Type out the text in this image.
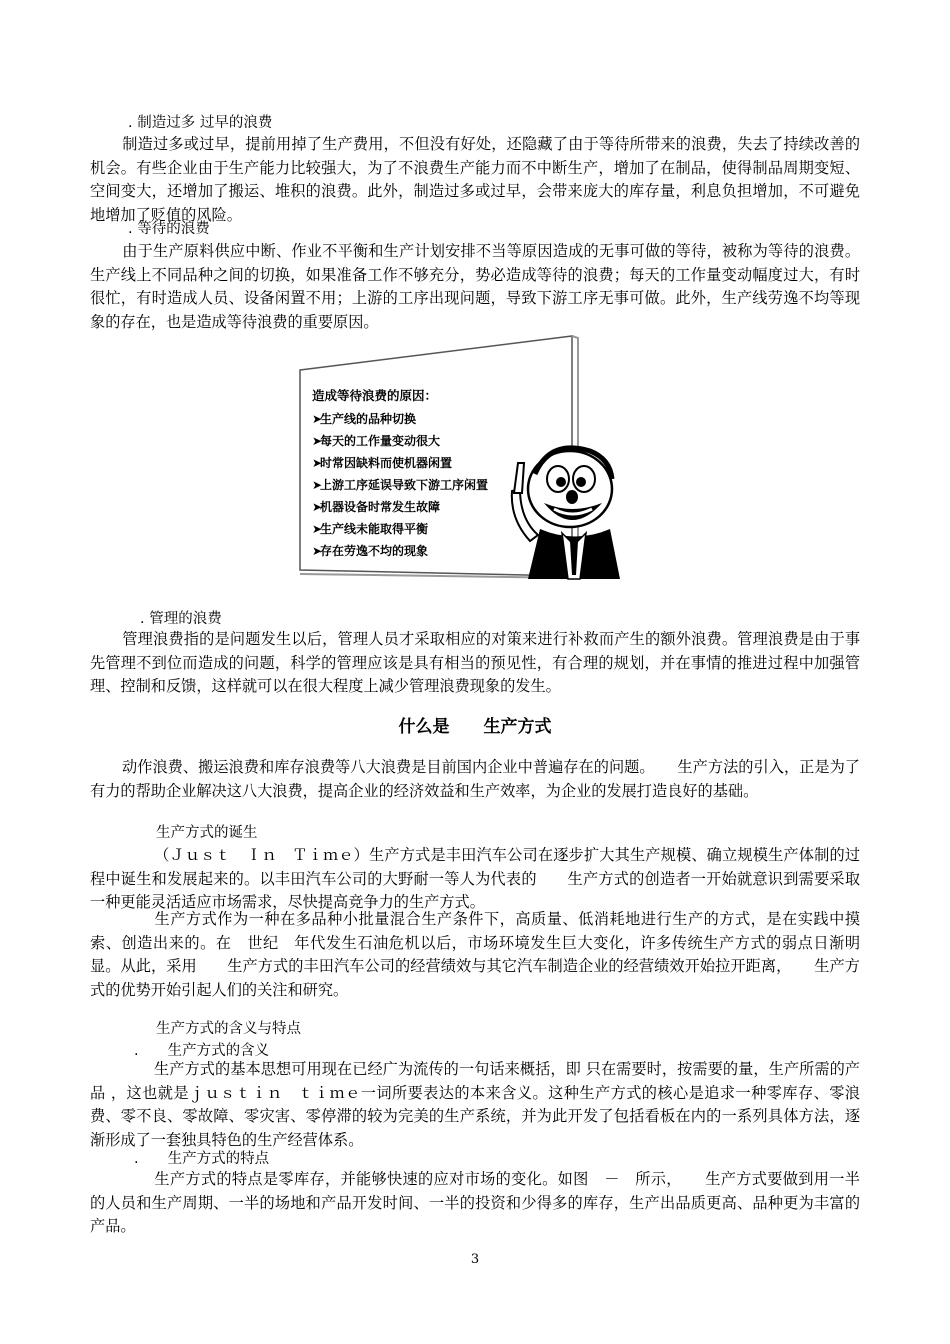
. 制造过多 过早的浪费

制造过多或过早，提前用掉了生产费用，不但没有好处，还隐藏了由于等待所带来的浪费，失去了持续改善的机会。有些企业由于生产能力比较强大，为了不浪费生产能力而不中断生产，增加了在制品，使得制品周期变短、空间变大，还增加了搬运、堆积的浪费。此外，制造过多或过早，会带来庞大的库存量，利息负担增加，不可避免地增加了贬值的风险。

. 等待的浪费

由于生产原料供应中断、作业不平衡和生产计划安排不当等原因造成的无事可做的等待，被称为等待的浪费。生产线上不同品种之间的切换，如果准备工作不够充分，势必造成等待的浪费；每天的工作量变动幅度过大，有时很忙，有时造成人员、设备闲置不用；上游的工序出现问题，导致下游工序无事可做。此外，生产线劳逸不均等现象的存在，也是造成等待浪费的重要原因。

造成等待浪费的原因：
➤生产线的品种切换
➤每天的工作量变动很大
➤时常因缺料而使机器闲置
➤上游工序延误导致下游工序闲置
➤机器设备时常发生故障
➤生产线未能取得平衡
➤存在劳逸不均的现象
. 管理的浪费

管理浪费指的是问题发生以后，管理人员才采取相应的对策来进行补救而产生的额外浪费。管理浪费是由于事先管理不到位而造成的问题，科学的管理应该是具有相当的预见性，有合理的规划，并在事情的推进过程中加强管理、控制和反馈，这样就可以在很大程度上减少管理浪费现象的发生。

什么是　　生产方式

动作浪费、搬运浪费和库存浪费等八大浪费是目前国内企业中普遍存在的问题。　　生产方法的引入，正是为了有力的帮助企业解决这八大浪费，提高企业的经济效益和生产效率，为企业的发展打造良好的基础。

生产方式的诞生

（Ｊｕｓｔ　Ｉｎ　Ｔｉｍｅ）生产方式是丰田汽车公司在逐步扩大其生产规模、确立规模生产体制的过程中诞生和发展起来的。以丰田汽车公司的大野耐一等人为代表的　　生产方式的创造者一开始就意识到需要采取一种更能灵活适应市场需求，尽快提高竞争力的生产方式。

生产方式作为一种在多品种小批量混合生产条件下，高质量、低消耗地进行生产的方式，是在实践中摸索、创造出来的。在　世纪　年代发生石油危机以后，市场环境发生巨大变化，许多传统生产方式的弱点日渐明显。从此，采用　　生产方式的丰田汽车公司的经营绩效与其它汽车制造企业的经营绩效开始拉开距离，　　生产方式的优势开始引起人们的关注和研究。

生产方式的含义与特点
.　　生产方式的含义

生产方式的基本思想可用现在已经广为流传的一句话来概括，即 只在需要时，按需要的量，生产所需的产品 ，这也就是ｊｕｓｔｉｎ　ｔｉｍｅ一词所要表达的本来含义。这种生产方式的核心是追求一种零库存、零浪费、零不良、零故障、零灾害、零停滞的较为完美的生产系统，并为此开发了包括看板在内的一系列具体方法，逐渐形成了一套独具特色的生产经营体系。

.　　生产方式的特点

生产方式的特点是零库存，并能够快速的应对市场的变化。如图　－　所示，　　生产方式要做到用一半的人员和生产周期、一半的场地和产品开发时间、一半的投资和少得多的库存，生产出品质更高、品种更为丰富的产品。

3
